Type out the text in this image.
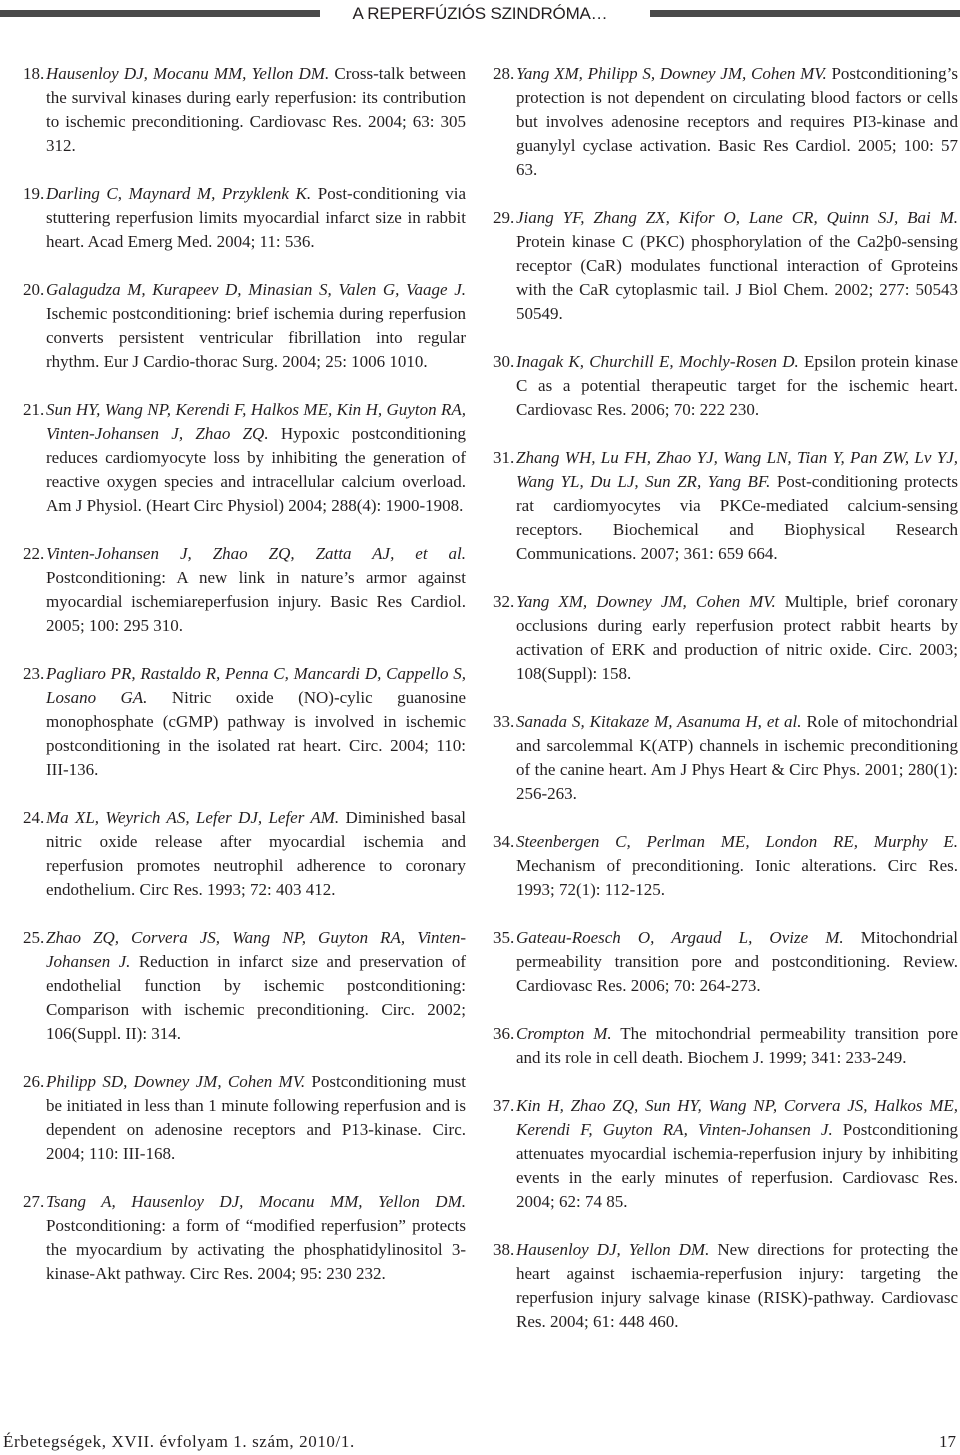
A REPERFÚZIÓS SZINDRÓMA…
18. Hausenloy DJ, Mocanu MM, Yellon DM. Cross-talk between the survival kinases during early reperfusion: its contribution to ischemic preconditioning. Cardiovasc Res. 2004; 63: 305 312.
19. Darling C, Maynard M, Przyklenk K. Post-conditioning via stuttering reperfusion limits myocardial infarct size in rabbit heart. Acad Emerg Med. 2004; 11: 536.
20. Galagudza M, Kurapeev D, Minasian S, Valen G, Vaage J. Ischemic postconditioning: brief ischemia during reperfusion converts persistent ventricular fibrillation into regular rhythm. Eur J Cardio-thorac Surg. 2004; 25: 1006 1010.
21. Sun HY, Wang NP, Kerendi F, Halkos ME, Kin H, Guyton RA, Vinten-Johansen J, Zhao ZQ. Hypoxic postconditioning reduces cardiomyocyte loss by inhibiting the generation of reactive oxygen species and intracellular calcium overload. Am J Physiol. (Heart Circ Physiol) 2004; 288(4): 1900-1908.
22. Vinten-Johansen J, Zhao ZQ, Zatta AJ, et al. Postconditioning: A new link in nature’s armor against myocardial ischemiareperfusion injury. Basic Res Cardiol. 2005; 100: 295 310.
23. Pagliaro PR, Rastaldo R, Penna C, Mancardi D, Cappello S, Losano GA. Nitric oxide (NO)-cylic guanosine monophosphate (cGMP) pathway is involved in ischemic postconditioning in the isolated rat heart. Circ. 2004; 110: III-136.
24. Ma XL, Weyrich AS, Lefer DJ, Lefer AM. Diminished basal nitric oxide release after myocardial ischemia and reperfusion promotes neutrophil adherence to coronary endothelium. Circ Res. 1993; 72: 403 412.
25. Zhao ZQ, Corvera JS, Wang NP, Guyton RA, Vinten-Johansen J. Reduction in infarct size and preservation of endothelial function by ischemic postconditioning: Comparison with ischemic preconditioning. Circ. 2002; 106(Suppl. II): 314.
26. Philipp SD, Downey JM, Cohen MV. Postconditioning must be initiated in less than 1 minute following reperfusion and is dependent on adenosine receptors and P13-kinase. Circ. 2004; 110: III-168.
27. Tsang A, Hausenloy DJ, Mocanu MM, Yellon DM. Postconditioning: a form of “modified reperfusion” protects the myocardium by activating the phosphatidylinositol 3-kinase-Akt pathway. Circ Res. 2004; 95: 230 232.
28. Yang XM, Philipp S, Downey JM, Cohen MV. Postconditioning’s protection is not dependent on circulating blood factors or cells but involves adenosine receptors and requires PI3-kinase and guanylyl cyclase activation. Basic Res Cardiol. 2005; 100: 57 63.
29. Jiang YF, Zhang ZX, Kifor O, Lane CR, Quinn SJ, Bai M. Protein kinase C (PKC) phosphorylation of the Ca2þ0-sensing receptor (CaR) modulates functional interaction of Gproteins with the CaR cytoplasmic tail. J Biol Chem. 2002; 277: 50543 50549.
30. Inagak K, Churchill E, Mochly-Rosen D. Epsilon protein kinase C as a potential therapeutic target for the ischemic heart. Cardiovasc Res. 2006; 70: 222 230.
31. Zhang WH, Lu FH, Zhao YJ, Wang LN, Tian Y, Pan ZW, Lv YJ, Wang YL, Du LJ, Sun ZR, Yang BF. Post-conditioning protects rat cardiomyocytes via PKCe-mediated calcium-sensing receptors. Biochemical and Biophysical Research Communications. 2007; 361: 659 664.
32. Yang XM, Downey JM, Cohen MV. Multiple, brief coronary occlusions during early reperfusion protect rabbit hearts by activation of ERK and production of nitric oxide. Circ. 2003; 108(Suppl): 158.
33. Sanada S, Kitakaze M, Asanuma H, et al. Role of mitochondrial and sarcolemmal K(ATP) channels in ischemic preconditioning of the canine heart. Am J Phys Heart & Circ Phys. 2001; 280(1): 256-263.
34. Steenbergen C, Perlman ME, London RE, Murphy E. Mechanism of preconditioning. Ionic alterations. Circ Res. 1993; 72(1): 112-125.
35. Gateau-Roesch O, Argaud L, Ovize M. Mitochondrial permeability transition pore and postconditioning. Review. Cardiovasc Res. 2006; 70: 264-273.
36. Crompton M. The mitochondrial permeability transition pore and its role in cell death. Biochem J. 1999; 341: 233-249.
37. Kin H, Zhao ZQ, Sun HY, Wang NP, Corvera JS, Halkos ME, Kerendi F, Guyton RA, Vinten-Johansen J. Postconditioning attenuates myocardial ischemia-reperfusion injury by inhibiting events in the early minutes of reperfusion. Cardiovasc Res. 2004; 62: 74 85.
38. Hausenloy DJ, Yellon DM. New directions for protecting the heart against ischaemia-reperfusion injury: targeting the reperfusion injury salvage kinase (RISK)-pathway. Cardiovasc Res. 2004; 61: 448 460.
Érbetegségek, XVII. évfolyam 1. szám, 2010/1.	17
